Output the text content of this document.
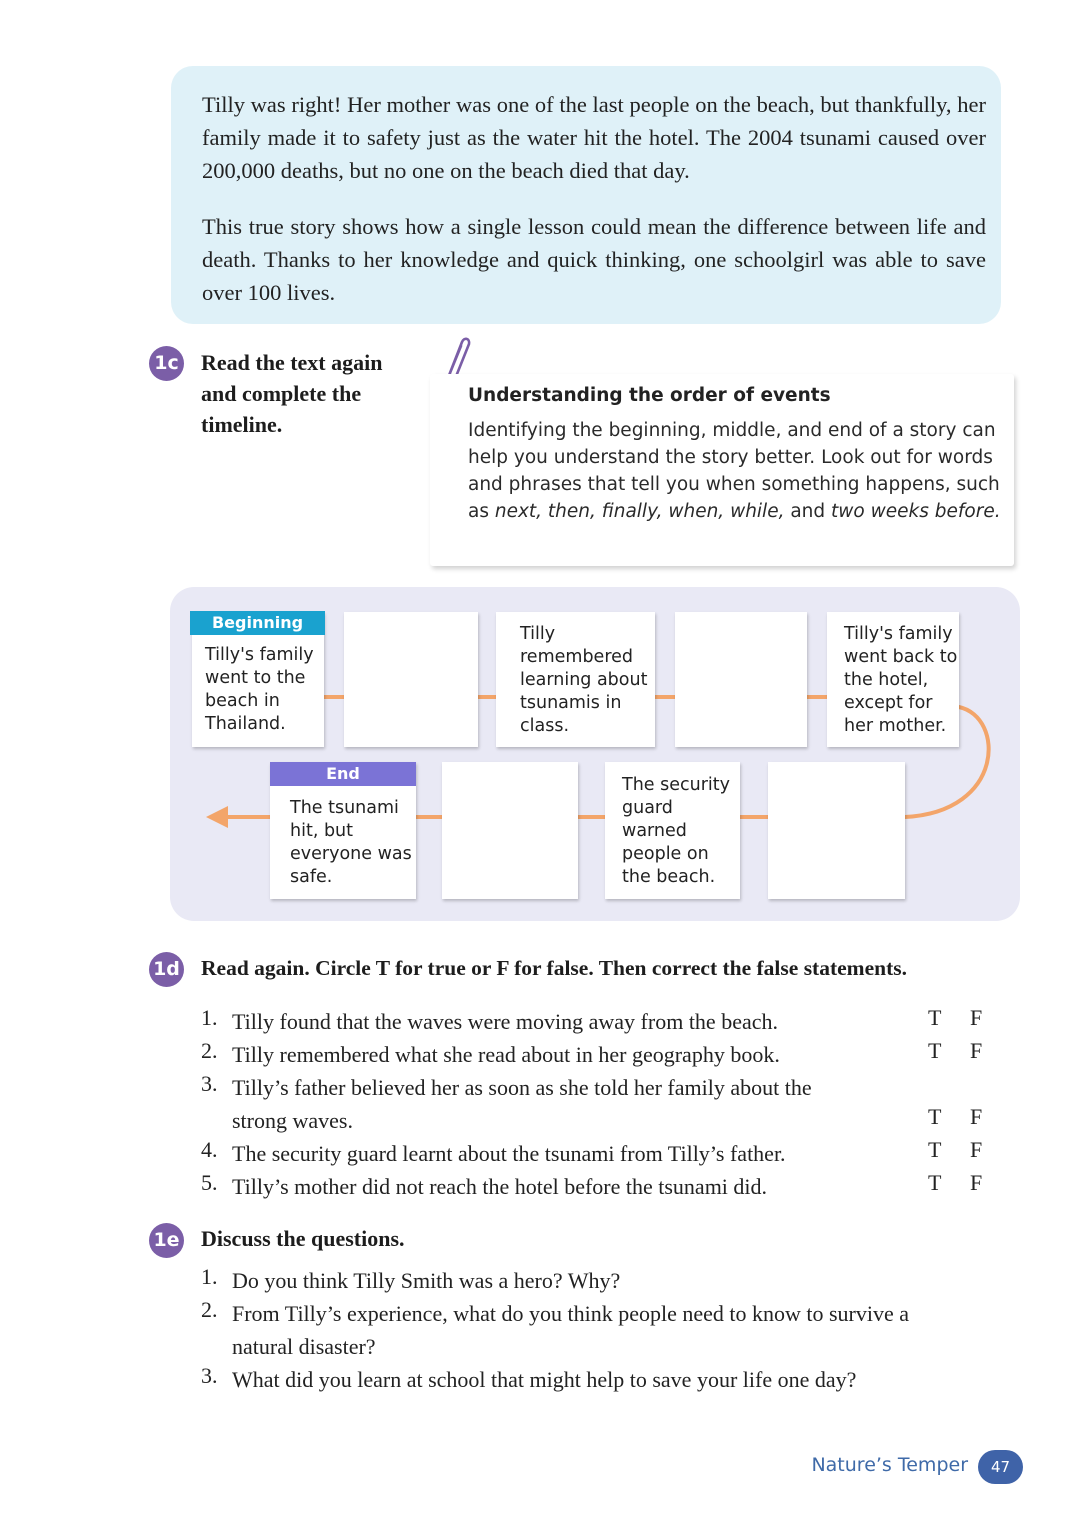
Tilly was right! Her mother was one of the last people on the beach, but thankfully, her family made it to safety just as the water hit the hotel. The 2004 tsunami caused over 200,000 deaths, but no one on the beach died that day.

This true story shows how a single lesson could mean the difference between life and death. Thanks to her knowledge and quick thinking, one schoolgirl was able to save over 100 lives.

1c Read the text again and complete the timeline.
Understanding the order of events
Identifying the beginning, middle, and end of a story can help you understand the story better. Look out for words and phrases that tell you when something happens, such as next, then, finally, when, while, and two weeks before.
Tilly's family went to the beach in Thailand.
Beginning
Tilly remembered learning about tsunamis in class.
Tilly's family went back to the hotel, except for her mother.
The security guard warned people on the beach.
The tsunami hit, but everyone was safe.
End
1d Read again. Circle T for true or F for false. Then correct the false statements.
1. Tilly found that the waves were moving away from the beach.	T F
2. Tilly remembered what she read about in her geography book.	T F
3. Tilly’s father believed her as soon as she told her family about the strong waves.	T F
4. The security guard learnt about the tsunami from Tilly’s father.	T F
5. Tilly’s mother did not reach the hotel before the tsunami did.	T F
1e Discuss the questions.
1. Do you think Tilly Smith was a hero? Why?
2. From Tilly’s experience, what do you think people need to know to survive a natural disaster?
3. What did you learn at school that might help to save your life one day?
Nature’s Temper	47
